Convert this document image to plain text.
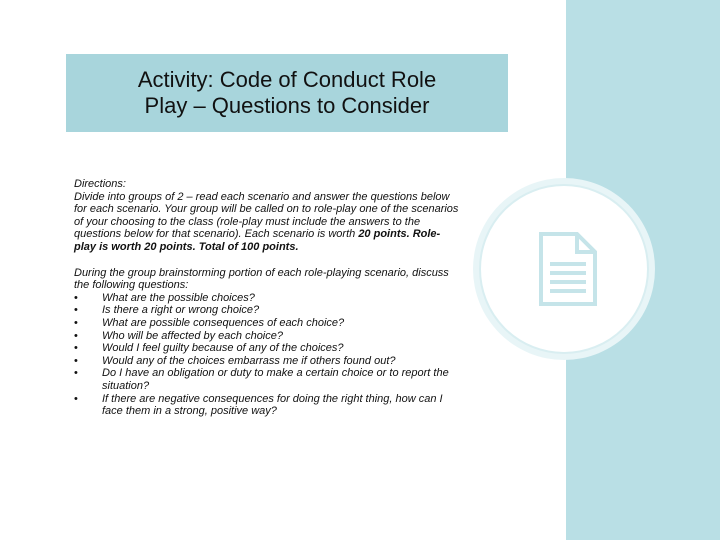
Activity: Code of Conduct Role
Play – Questions to Consider

Directions:

Divide into groups of 2 – read each scenario and answer the questions below for each scenario. Your group will be called on to role-play one of the scenarios of your choosing to the class (role-play must include the answers to the questions below for that scenario). Each scenario is worth 20 points. Role-play is worth 20 points. Total of 100 points.

During the group brainstorming portion of each role-playing scenario, discuss the following questions:

•	What are the possible choices?
•	Is there a right or wrong choice?
•	What are possible consequences of each choice?
•	Who will be affected by each choice?
•	Would I feel guilty because of any of the choices?
•	Would any of the choices embarrass me if others found out?
•	Do I have an obligation or duty to make a certain choice or to report the situation?
•	If there are negative consequences for doing the right thing, how can I face them in a strong, positive way?
